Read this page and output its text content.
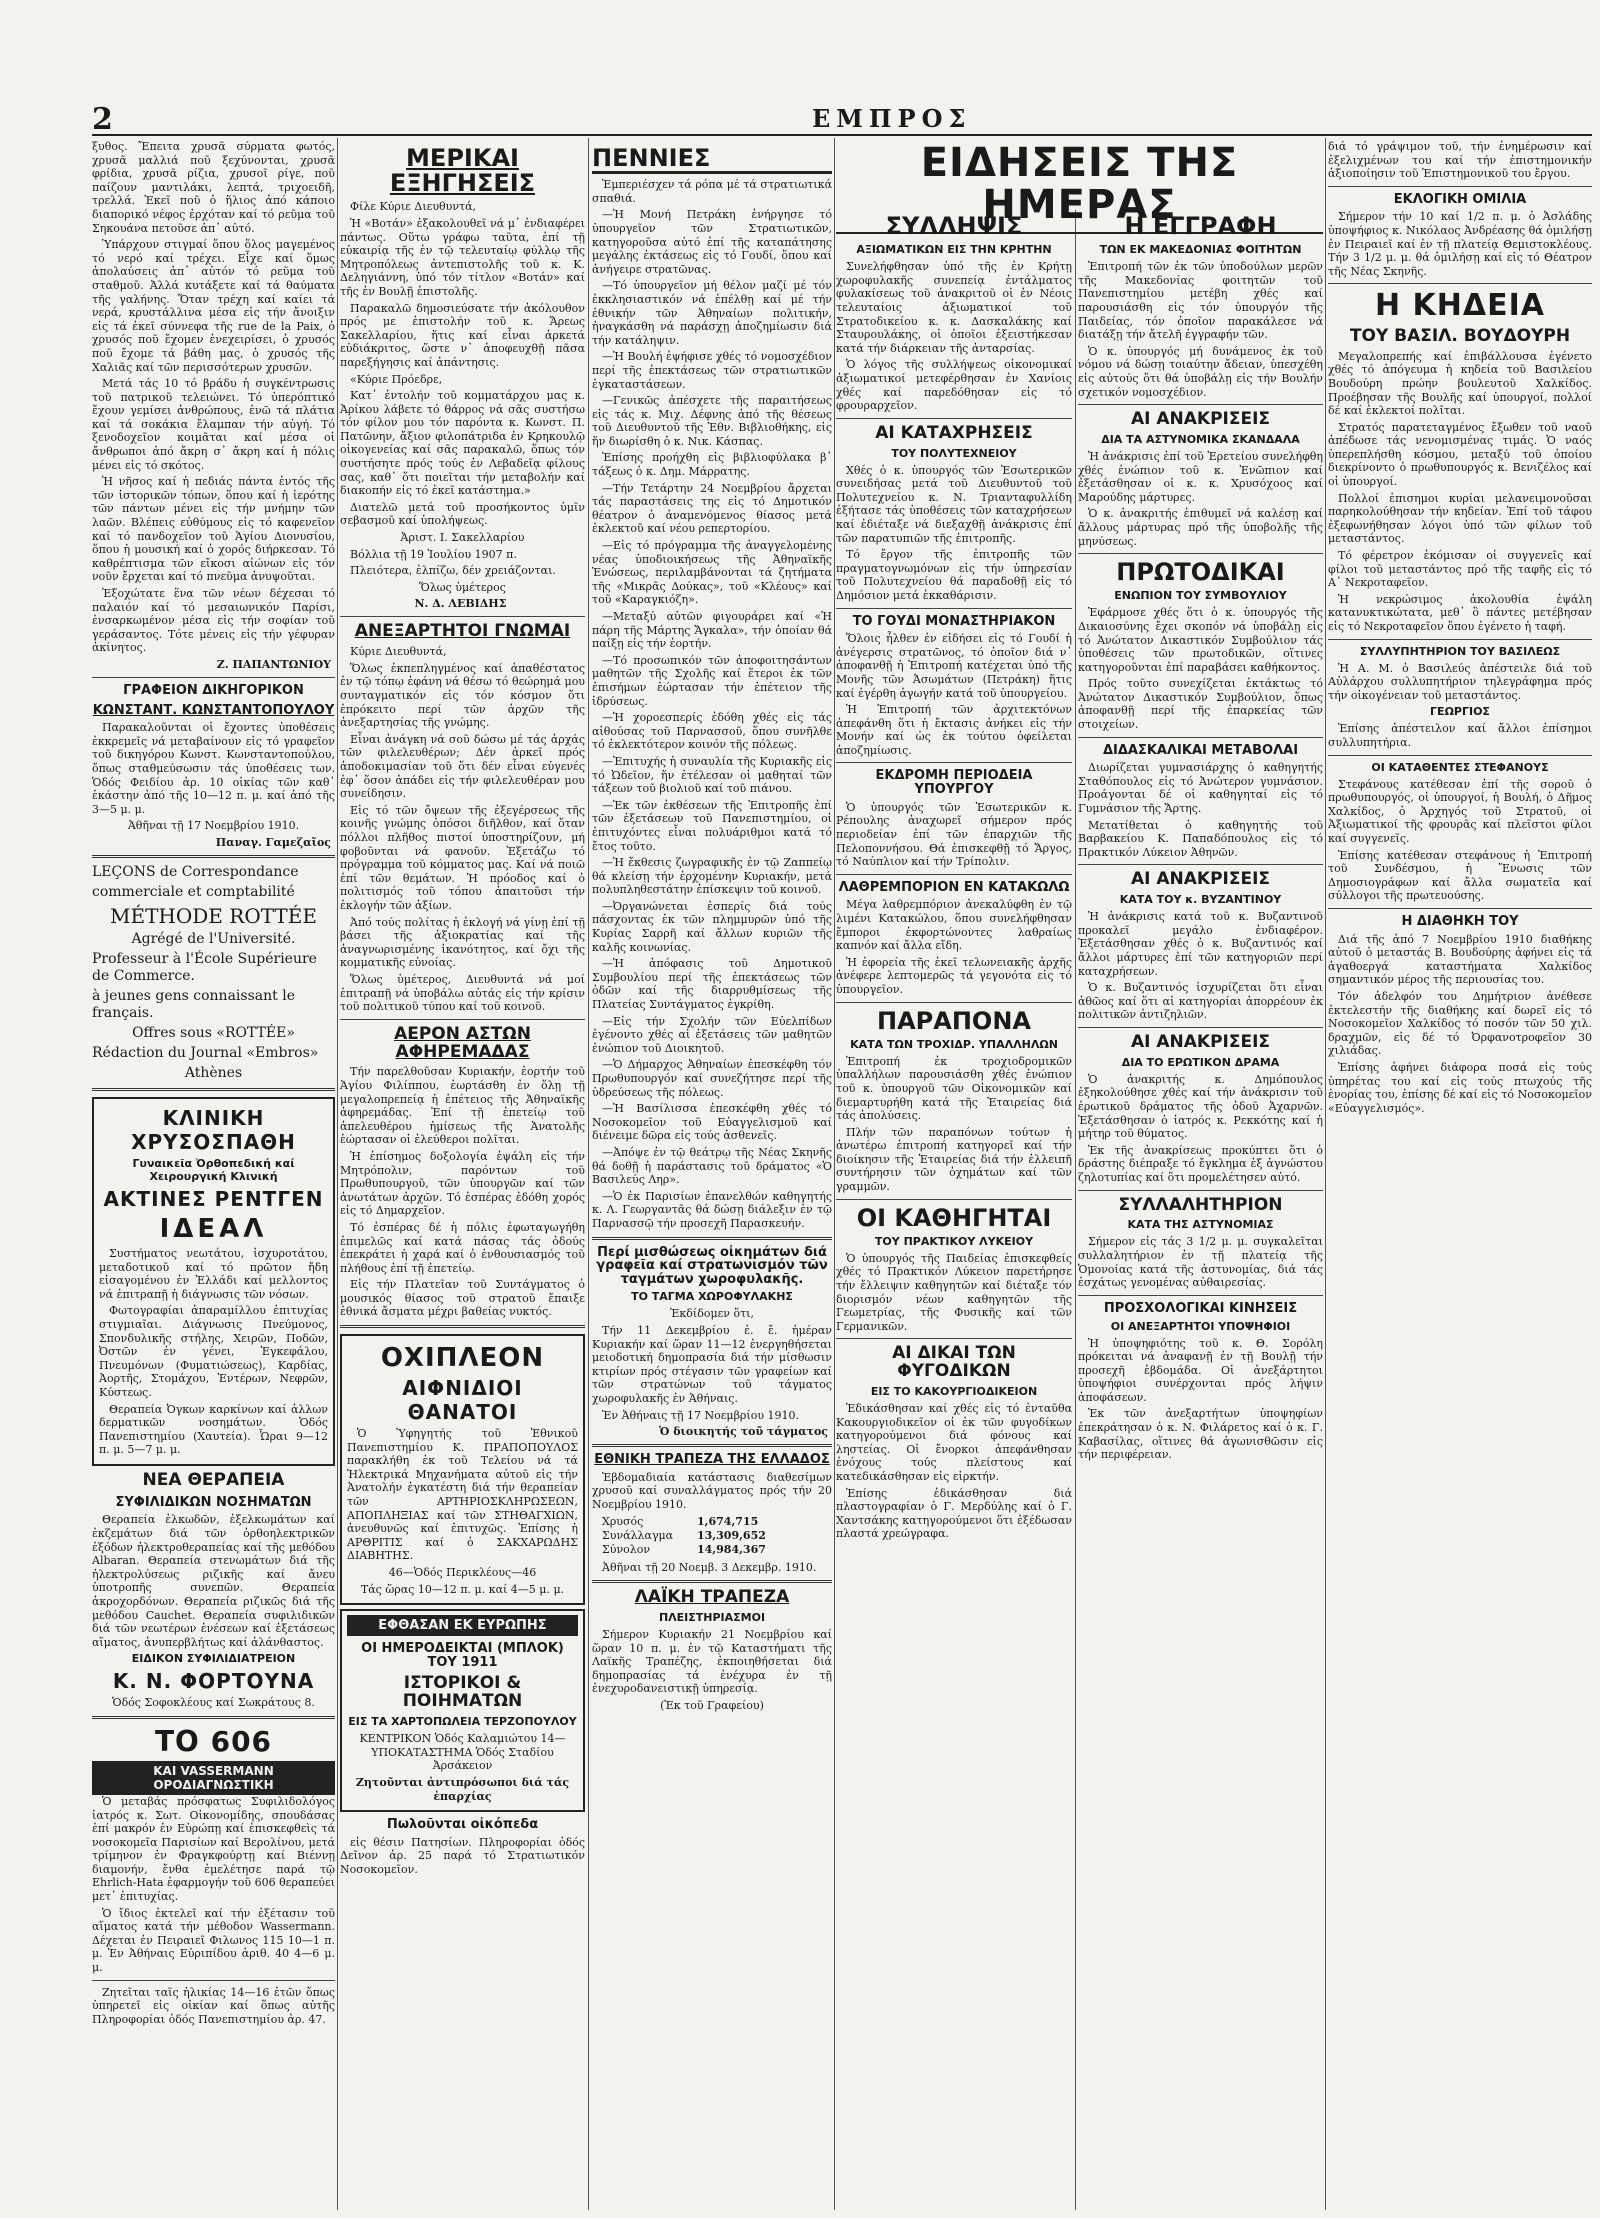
2	ΕΜΠΡΟΣ

ξυθος. Ἔπειτα χρυσᾶ σύρματα φωτός, χρυσᾶ μαλλιά ποῦ ξεχύνονται, χρυσᾶ φρίδια, χρυσᾶ ρίζια, χρυσοῖ ρίγε, ποῦ παίζουν μαντιλάκι, λεπτά, τριχοειδῆ, τρελλά. Ἐκεῖ ποῦ ὁ ἥλιος ἀπό κάποιο διαπορικό νέφος ἐρχόταν καί τό ρεῦμα τοῦ Σηκουάνα πετοῦσε ἀπ᾽ αὐτό.

Ὑπάρχουν στιγμαί ὅπου ὅλος μαγεμένος τό νερό καί τρέχει. Εἶχε καί ὅμως ἀπολαύσεις ἀπ᾽ αὐτόν τό ρεῦμα τοῦ σταθμοῦ. Ἀλλά κυτάξετε καί τά θαύματα τῆς γαλήνης. Ὅταν τρέχη καί καίει τά νερά, κρυστάλλινα μέσα εἰς τήν ἄνοιξιν εἰς τά ἐκεῖ σύννεφα τῆς rue de la Paix, ὁ χρυσός ποῦ ἔχομεν ἐνεχειρίσει, ὁ χρυσός ποῦ ἔχομε τά βάθη μας, ὁ χρυσός τῆς Χαλιᾶς καί τῶν περισσότερων χρυσῶν.

Μετά τάς 10 τό βράδυ ἡ συγκέντρωσις τοῦ πατρικοῦ τελειώνει. Τό ὑπερόπτικό ἔχουν γεμίσει ἀνθρώπους, ἐνῶ τά πλάτια καί τά σοκάκια ἔλαμπαν τήν αὐγή. Τό ξενοδοχεῖον κοιμᾶται καί μέσα οἱ ἄνθρωποι ἀπό ἄκρη σ᾽ ἄκρη καί ἡ πόλις μένει εἰς τό σκότος.

Ἡ νῆσος καί ἡ πεδιάς πάντα ἐντός τῆς τῶν ἱστορικῶν τόπων, ὅπου καί ἡ ἱερότης τῶν πάντων μένει εἰς τήν μνήμην τῶν λαῶν. Βλέπεις εὐθύμους εἰς τό καφενεῖον καί τό πανδοχεῖον τοῦ Ἁγίου Διονυσίου, ὅπου ἡ μουσική καί ὁ χορός διήρκεσαν. Τό καθρέπτισμα τῶν εἴκοσι αἰώνων εἰς τόν νοῦν ἔρχεται καί τό πνεῦμα ἀνυψοῦται.

Ἐξοχώτατε ἕνα τῶν νέων δέχεσαι τό παλαιόν καί τό μεσαιωνικόν Παρίσι, ἐνσαρκωμένον μέσα εἰς τήν σοφίαν τοῦ γεράσαντος. Τότε μένεις εἰς τήν γέφυραν ἀκίνητος.

Ζ. ΠΑΠΑΝΤΩΝΙΟΥ
ΓΡΑΦΕΙΟΝ ΔΙΚΗΓΟΡΙΚΟΝ
ΚΩΝΣΤΑΝΤ. ΚΩΝΣΤΑΝΤΟΠΟΥΛΟΥ

Παρακαλοῦνται οἱ ἔχοντες ὑποθέσεις ἐκκρεμεῖς νά μεταβαίνουν εἰς τό γραφεῖον τοῦ δικηγόρου Κωνστ. Κωνσταντοπούλου, ὅπως σταθμεύσωσιν τάς ὑποθέσεις των. Ὁδός Φειδίου ἀρ. 10 οἰκίας τῶν καθ᾽ ἑκάστην ἀπό τῆς 10—12 π. μ. καί ἀπό τῆς 3—5 μ. μ.

Ἀθῆναι τῇ 17 Νοεμβρίου 1910.

Παναγ. Γαμεζαῖος

LEÇONS de Correspondance

commerciale et comptabilité

MÉTHODE ROTTÉE

Agrégé de l'Université.

Professeur à l'École Supérieure de Commerce.

à jeunes gens connaissant le français.

Offres sous «ROTTÉE»

Rédaction du Journal «Embros»

Athènes

ΚΛΙΝΙΚΗ ΧΡΥΣΟΣΠΑΘΗ
Γυναικεῖα Ὀρθοπεδική καί Χειρουργική Κλινική
ΑΚΤΙΝΕΣ ΡΕΝΤΓΕΝ
ΙΔΕΑΛ

Συστήματος νεωτάτου, ἰσχυροτάτου, μεταδοτικοῦ καί τό πρῶτον ἤδη εἰσαγομένου ἐν Ἑλλάδι καί μελλοντος νά ἐπιτραπῇ ἡ διάγνωσις τῶν νόσων.

Φωτογραφίαι ἀπαραμίλλου ἐπιτυχίας στιγμιαῖαι. Διάγνωσις Πνεύμονος, Σπονδυλικῆς στήλης, Χειρῶν, Ποδῶν, Ὀστῶν ἐν γένει, Ἐγκεφάλου, Πνευμόνων (Φυματιώσεως), Καρδίας, Ἀορτῆς, Στομάχου, Ἐντέρων, Νεφρῶν, Κύστεως.

Θεραπεία Ὀγκων καρκίνων καί ἀλλων δερματικῶν νοσημάτων. Ὁδός Πανεπιστημίου (Χαυτεία). Ὧραι 9—12 π. μ. 5—7 μ. μ.

ΝΕΑ ΘΕΡΑΠΕΙΑ
ΣΥΦΙΛΙΔΙΚΩΝ ΝΟΣΗΜΑΤΩΝ

Θεραπεία ἐλκωδῶν, ἐξελκωμάτων καί ἐκζεμάτων διά τῶν ὀρθοηλεκτρικῶν ἐξόδων ἠλεκτροθεραπείας καί τῆς μεθόδου Albaran. Θεραπεία στενωμάτων διά τῆς ἠλεκτρολύσεως ριζικῆς καί ἄνευ ὑποτροπῆς συνεπῶν. Θεραπεία ἀκροχορδόνων. Θεραπεία ριζικῶς διά τῆς μεθόδου Cauchet. Θεραπεία συφιλιδικῶν διά τῶν νεωτέρων ἐνέσεων καί ἐξετάσεως αἵματος, ἀνυπερβλήτως καί ἀλάνθαστος.

ΕΙΔΙΚΟΝ ΣΥΦΙΛΙΔΙΑΤΡΕΙΟΝ
Κ. Ν. ΦΟΡΤΟΥΝΑ

Ὁδός Σοφοκλέους καί Σωκράτους 8.

ΤΟ 606
ΚΑΙ VASSERMANN ΟΡΟΔΙΑΓΝΩΣΤΙΚΗ

Ὁ μεταβάς πρόσφατως Συφιλιδολόγος ἰατρός κ. Σωτ. Οἰκονομίδης, σπουδάσας ἐπί μακρόν ἐν Εὐρώπῃ καί ἐπισκεφθεὶς τά νοσοκομεῖα Παρισίων καί Βερολίνου, μετά τρίμηνον ἐν Φραγκφούρτῃ καί Βιέννῃ διαμονήν, ἔνθα ἐμελέτησε παρά τῷ Ehrlich-Hata ἐφαρμογήν τοῦ 606 θεραπεύει μετ᾽ ἐπιτυχίας.

Ὁ ἴδιος ἐκτελεῖ καί τήν ἐξέτασιν τοῦ αἵματος κατά τήν μέθοδον Wassermann. Δέχεται ἐν Πειραιεῖ Φιλωνος 115 10—1 π. μ. Ἐν Ἀθήναις Εὐριπίδου ἀριθ. 40 4—6 μ. μ.

Ζητεῖται ταῖς ἡλικίας 14—16 ἐτῶν ὅπως ὑπηρετεῖ εἰς οἰκίαν καί ὅπως αὐτῆς Πληροφορίαι ὁδός Πανεπιστημίου ἀρ. 47.

ΜΕΡΙΚΑΙ ΕΞΗΓΗΣΕΙΣ

Φίλε Κύριε Διευθυντά,

Ἡ «Βοτάν» ἐξακολουθεῖ νά μ᾽ ἐνδιαφέρει πάντως. Οὕτω γράφω ταῦτα, ἐπί τῇ εὐκαιρίᾳ τῆς ἐν τῷ τελευταίῳ φύλλῳ τῆς Μητροπόλεως ἀντεπιστολῆς τοῦ κ. Κ. Δεληγιάννη, ὑπό τόν τίτλον «Βοτάν» καί τῆς ἐν Βουλῇ ἐπιστολῆς.

Παρακαλῶ δημοσιεύσατε τήν ἀκόλουθον πρός με ἐπιστολήν τοῦ κ. Ἄρεως Σακελλαρίου, ἥτις καί εἶναι ἀρκετά εὐδιάκριτος, ὥστε ν᾽ ἀποφευχθῇ πᾶσα παρεξήγησις καί ἀπάντησις.

«Κύριε Πρόεδρε,

Κατ᾽ ἐντολήν τοῦ κομματάρχου μας κ. Ἀρίκου λάβετε τό θάρρος νά σᾶς συστήσω τόν φίλον μου τόν παρόντα κ. Κωνστ. Π. Πατῶνην, ἄξιον φιλοπάτριδα ἐν Κρηκουλῷ οἰκογενείας καί σᾶς παρακαλῶ, ὅπως τόν συστήσητε πρός τούς ἐν Λεβαδεῖᾳ φίλους σας, καθ᾽ ὅτι ποιεῖται τήν μεταβολήν καί διακοπήν εἰς τό ἐκεῖ κατάστημα.»

Διατελῶ μετά τοῦ προσήκοντος ὑμῖν σεβασμοῦ καί ὑπολήψεως.

Ἀριστ. Ι. Σακελλαρίου

Βόλλια τῇ 19 Ἰουλίου 1907 π.

Πλειότερα, ἐλπίζω, δέν χρειάζονται.

Ὅλως ὑμέτερος

Ν. Δ. ΛΕΒΙΔΗΣ
ΑΝΕΞΑΡΤΗΤΟΙ ΓΝΩΜΑΙ

Κύριε Διευθυντά,

Ὅλως ἐκπεπληγμένος καί ἀπαθέστατος ἐν τῷ τόπῳ ἐφάνη νά θέσω τό θεώρημά μου συνταγματικόν εἰς τόν κόσμον ὅτι ἐπρόκειτο περί τῶν ἀρχῶν τῆς ἀνεξαρτησίας τῆς γνώμης.

Εἶναι ἀνάγκη νά σοῦ δώσω μέ τάς ἀρχάς τῶν φιλελευθέρων; Δέν ἀρκεῖ πρός ἀποδοκιμασίαν τοῦ ὅτι δέν εἶναι εὐγενές ἐφ᾽ ὅσον ἀπάδει εἰς τήν φιλελευθέραν μου συνείδησιν.

Εἰς τό τῶν ὄψεων τῆς ἐξεγέρσεως τῆς κοινῆς γνώμης ὁπόσοι διῆλθον, καί ὅταν πόλλοι πλῆθος πιστοί ὑποστηρίζουν, μή φοβοῦνται νά φανοῦν. Ἐξετάζω τό πρόγραμμα τοῦ κόμματος μας. Καί νά ποιῶ ἐπί τῶν θεμάτων. Ἡ πρόοδος καί ὁ πολιτισμός τοῦ τόπου ἀπαιτοῦσι τήν ἐκλογήν τῶν ἀξίων.

Ἀπό τούς πολίτας ἡ ἐκλογή νά γίνῃ ἐπί τῇ βάσει τῆς ἀξιοκρατίας καί τῆς ἀναγνωρισμένης ἱκανότητος, καί ὄχι τῆς κομματικῆς εὐνοίας.

Ὅλως ὑμέτερος, Διευθυντά νά μοί ἐπιτραπῇ νά ὑποβάλω αὐτάς εἰς τήν κρίσιν τοῦ πολιτικοῦ τύπου καί τοῦ κοινοῦ.

ΑΕΡΟΝ ΑΣΤΩΝ ΑΦΗΡΕΜΑΔΑΣ

Τήν παρελθοῦσαν Κυριακήν, ἑορτήν τοῦ Ἁγίου Φιλίππου, ἑωρτάσθη ἐν ὅλῃ τῇ μεγαλοπρεπείᾳ ἡ ἐπέτειος τῆς Ἀθηναϊκῆς ἀφηρεμάδας. Ἐπί τῇ ἐπετείῳ τοῦ ἀπελευθέρου ἡμίσεως τῆς Ἀνατολῆς ἑώρτασαν οἱ ἐλεύθεροι πολῖται.

Ἡ ἐπίσημος δοξολογία ἐψάλη εἰς τήν Μητρόπολιν, παρόντων τοῦ Πρωθυπουργοῦ, τῶν ὑπουργῶν καί τῶν ἀνωτάτων ἀρχῶν. Τό ἑσπέρας ἐδόθη χορός εἰς τό Δημαρχεῖον.

Τό ἐσπέρας δέ ἡ πόλις ἐφωταγωγήθη ἐπιμελῶς καί κατά πάσας τάς ὁδούς ἐπεκράτει ἡ χαρά καί ὁ ἐνθουσιασμός τοῦ πλήθους ἐπί τῇ ἐπετείῳ.

Εἰς τήν Πλατεῖαν τοῦ Συντάγματος ὁ μουσικός θίασος τοῦ στρατοῦ ἔπαιξε ἐθνικά ἄσματα μέχρι βαθείας νυκτός.

ΟΧΙΠΛΕΟΝ
ΑΙΦΝΙΔΙΟΙ ΘΑΝΑΤΟΙ

Ὁ Ὑφηγητής τοῦ Ἐθνικοῦ Πανεπιστημίου Κ. ΠΡΑΠΟΠΟΥΛΟΣ παρακλήθη ἐκ τοῦ Τελείου νά τά Ἠλεκτρικά Μηχανήματα αὐτοῦ εἰς τήν Ἀνατολήν ἐγκατέστη διά τήν θεραπείαν τῶν ΑΡΤΗΡΙΟΣΚΛΗΡΩΣΕΩΝ, ΑΠΟΠΛΗΞΙΑΣ καί τῶν ΣΤΗΘΑΓΧΙΩΝ, ἀνευθυνῶς καί ἐπιτυχῶς. Ἐπίσης ἡ ΑΡΘΡΙΤΙΣ καί ὁ ΣΑΚΧΑΡΩΔΗΣ ΔΙΑΒΗΤΗΣ.

46—Ὁδός Περικλέους—46

Τάς ὥρας 10—12 π. μ. καί 4—5 μ. μ.

ΕΦΘΑΣΑΝ ΕΚ ΕΥΡΩΠΗΣ
ΟΙ ΗΜΕΡΟΔΕΙΚΤΑΙ (ΜΠΛΟΚ) ΤΟΥ 1911
ΙΣΤΟΡΙΚΟΙ & ΠΟΙΗΜΑΤΩΝ
ΕΙΣ ΤΑ ΧΑΡΤΟΠΩΛΕΙΑ ΤΕΡΖΟΠΟΥΛΟΥ

ΚΕΝΤΡΙΚΟΝ Ὁδός Καλαμιώτου 14—ΥΠΟΚΑΤΑΣΤΗΜΑ Ὁδός Σταδίου Ἀρσάκειον

Ζητοῦνται ἀντιπρόσωποι διά τάς ἐπαρχίας

Πωλοῦνται οἰκόπεδα

εἰς θέσιν Πατησίων. Πληροφορίαι ὁδός Δεῖνον ἀρ. 25 παρά τό Στρατιωτικόν Νοσοκομεῖον.

ΠΕΝΝΙΕΣ

Ἐμπεριέσχεν τά ρόπα μέ τά στρατιωτικά σπαθιά.

—Ἡ Μονή Πετράκη ἐνήργησε τό ὑπουργεῖον τῶν Στρατιωτικῶν, κατηγοροῦσα αὐτό ἐπί τῆς καταπάτησης μεγάλης ἐκτάσεως εἰς τό Γουδί, ὅπου καί ἀνήγειρε στρατῶνας.

—Τό ὑπουργεῖον μή θέλον μαζί μέ τόν ἐκκλησιαστικόν νά ἐπέλθῃ καί μέ τήν ἐθνικήν τῶν Ἀθηναίων πολιτικήν, ἠναγκάσθη νά παράσχῃ ἀποζημίωσιν διά τήν κατάληψιν.

—Ἡ Βουλή ἐψήφισε χθές τό νομοσχέδιον περί τῆς ἐπεκτάσεως τῶν στρατιωτικῶν ἐγκαταστάσεων.

—Γενικῶς ἀπέσχετε τῆς παραιτήσεως εἰς τάς κ. Μιχ. Δέφνης ἀπό τῆς θέσεως τοῦ Διευθυντοῦ τῆς Ἐθν. Βιβλιοθήκης, εἰς ἥν διωρίσθη ὁ κ. Νικ. Κάσπας.

Ἐπίσης προήχθη εἰς βιβλιοφύλακα β᾽ τάξεως ὁ κ. Δημ. Μάρρατης.

—Τήν Τετάρτην 24 Νοεμβρίου ἄρχεται τάς παραστάσεις της εἰς τό Δημοτικόν θέατρον ὁ ἀναμενόμενος θίασος μετά ἐκλεκτοῦ καί νέου ρεπερτορίου.

—Εἰς τό πρόγραμμα τῆς ἀναγγελομένης νέας ὑποδιοικήσεως τῆς Ἀθηναϊκῆς Ἑνώσεως, περιλαμβάνονται τά ζητήματα τῆς «Μικρᾶς Δούκας», τοῦ «Κλέους» καί τοῦ «Καραγκιόζη».

—Μεταξύ αὐτῶν φιγουράρει καί «Ἡ πάρη τῆς Μάρτης Ἄγκαλα», τήν ὁποίαν θά παίξῃ εἰς τήν ἑορτήν.

—Τό προσωπικόν τῶν ἀποφοιτησάντων μαθητῶν τῆς Σχολῆς καί ἕτεροι ἐκ τῶν ἐπισήμων ἑώρτασαν τήν ἐπέτειον τῆς ἱδρύσεως.

—Ἡ χοροεσπερίς ἐδόθη χθές εἰς τάς αἰθούσας τοῦ Παρνασσοῦ, ὅπου συνῆλθε τό ἐκλεκτότερον κοινόν τῆς πόλεως.

—Ἐπιτυχής ἡ συναυλία τῆς Κυριακῆς εἰς τό Ὠδεῖον, ἥν ἐτέλεσαν οἱ μαθηταί τῶν τάξεων τοῦ βιολιοῦ καί τοῦ πιάνου.

—Ἐκ τῶν ἐκθέσεων τῆς Ἐπιτροπῆς ἐπί τῶν ἐξετάσεων τοῦ Πανεπιστημίου, οἱ ἐπιτυχόντες εἶναι πολυάριθμοι κατά τό ἔτος τοῦτο.

—Ἡ ἔκθεσις ζωγραφικῆς ἐν τῷ Ζαππείῳ θά κλείσῃ τήν ἐρχομένην Κυριακήν, μετά πολυπληθεστάτην ἐπίσκεψιν τοῦ κοινοῦ.

—Ὀργανώνεται ἐσπερίς διά τούς πάσχοντας ἐκ τῶν πλημμυρῶν ὑπό τῆς Κυρίας Σαρρῆ καί ἄλλων κυριῶν τῆς καλῆς κοινωνίας.

—Ἡ ἀπόφασις τοῦ Δημοτικοῦ Συμβουλίου περί τῆς ἐπεκτάσεως τῶν ὁδῶν καί τῆς διαρρυθμίσεως τῆς Πλατείας Συντάγματος ἐγκρίθη.

—Εἰς τήν Σχολήν τῶν Εὐελπίδων ἐγένοντο χθές αἱ ἐξετάσεις τῶν μαθητῶν ἐνώπιον τοῦ Διοικητοῦ.

—Ὁ Δήμαρχος Ἀθηναίων ἐπεσκέφθη τόν Πρωθυπουργόν καί συνεζήτησε περί τῆς ὑδρεύσεως τῆς πόλεως.

—Ἡ Βασίλισσα ἐπεσκέφθη χθές τό Νοσοκομεῖον τοῦ Εὐαγγελισμοῦ καί διένειμε δῶρα εἰς τούς ἀσθενεῖς.

—Ἀπόψε ἐν τῷ θεάτρῳ τῆς Νέας Σκηνῆς θά δοθῇ ἡ παράστασις τοῦ δράματος «Ὁ Βασιλεύς Ληρ».

—Ὁ ἐκ Παρισίων ἐπανελθών καθηγητής κ. Λ. Γεωργαντᾶς θά δώσῃ διάλεξιν ἐν τῷ Παρνασσῷ τήν προσεχῆ Παρασκευήν.

Περί μισθώσεως οἰκημάτων διά γραφεῖα καί στρατωνισμόν τῶν ταγμάτων χωροφυλακῆς.
ΤΟ ΤΑΓΜΑ ΧΩΡΟΦΥΛΑΚΗΣ

Ἐκδίδομεν ὅτι,

Τήν 11 Δεκεμβρίου ἐ. ἔ. ἡμέραν Κυριακήν καί ὥραν 11—12 ἐνεργηθήσεται μειοδοτική δημοπρασία διά τήν μίσθωσιν κτιρίων πρός στέγασιν τῶν γραφείων καί τῶν στρατώνων τοῦ τάγματος χωροφυλακῆς ἐν Ἀθήναις.

Ἐν Ἀθήναις τῇ 17 Νοεμβρίου 1910.

Ὁ διοικητής τοῦ τάγματος
ΕΘΝΙΚΗ ΤΡΑΠΕΖΑ ΤΗΣ ΕΛΛΑΔΟΣ

Ἐβδομαδιαία κατάστασις διαθεσίμων χρυσοῦ καί συναλλάγματος πρός τήν 20 Νοεμβρίου 1910.

Χρυσός	1,674,715
Συνάλλαγμα 13,309,652
Σύνολον	14,984,367

Ἀθῆναι τῇ 20 Νοεμβ. 3 Δεκεμβρ. 1910.

ΛΑΪΚΗ ΤΡΑΠΕΖΑ
ΠΛΕΙΣΤΗΡΙΑΣΜΟΙ

Σήμερον Κυριακήν 21 Νοεμβρίου καί ὥραν 10 π. μ. ἐν τῷ Καταστήματι τῆς Λαϊκῆς Τραπέζης, ἐκποιηθήσεται διά δημοπρασίας τά ἐνέχυρα ἐν τῇ ἐνεχυροδανειστικῇ ὑπηρεσίᾳ.

(Ἐκ τοῦ Γραφείου)

ΕΙΔΗΣΕΙΣ ΤΗΣ ΗΜΕΡΑΣ
ΣΥΛΛΗΨΙΣ
ΑΞΙΩΜΑΤΙΚΩΝ ΕΙΣ ΤΗΝ ΚΡΗΤΗΝ

Συνελήφθησαν ὑπό τῆς ἐν Κρήτῃ χωροφυλακῆς συνεπείᾳ ἐντάλματος φυλακίσεως τοῦ ἀνακριτοῦ οἱ ἐν Νέοις τελευταίοις ἀξιωματικοί τοῦ Στρατοδικείου κ. κ. Δασκαλάκης καί Σταυρουλάκης, οἱ ὁποῖοι ἐξειστήκεσαν κατά τήν διάρκειαν τῆς ἀνταρσίας.

Ὁ λόγος τῆς συλλήψεως οἰκονομικαί ἀξιωματικοί μετεφέρθησαν ἐν Χανίοις χθές καί παρεδόθησαν εἰς τό φρουραρχεῖον.

ΑΙ ΚΑΤΑΧΡΗΣΕΙΣ
ΤΟΥ ΠΟΛΥΤΕΧΝΕΙΟΥ

Χθές ὁ κ. ὑπουργός τῶν Ἐσωτερικῶν συνειδήσας μετά τοῦ Διευθυντοῦ τοῦ Πολυτεχνείου κ. Ν. Τριανταφυλλίδη ἐξήτασε τάς ὑποθέσεις τῶν καταχρήσεων καί ἐδιέταξε νά διεξαχθῇ ἀνάκρισις ἐπί τῶν παρατυπιῶν τῆς ἐπιτροπῆς.

Τό ἔργον τῆς ἐπιτροπῆς τῶν πραγματογνωμόνων εἰς τήν ὑπηρεσίαν τοῦ Πολυτεχνείου θά παραδοθῇ εἰς τό Δημόσιον μετά ἐκκαθάρισιν.

ΤΟ ΓΟΥΔΙ ΜΟΝΑΣΤΗΡΙΑΚΟΝ

Ὅλοις ἦλθεν ἐν εἰδήσει εἰς τό Γουδί ἡ ἀνέγερσις στρατῶνος, τό ὁποῖον διά ν᾽ ἀποφανθῇ ἡ Ἐπιτροπή κατέχεται ὑπό τῆς Μονῆς τῶν Ἀσωμάτων (Πετράκη) ἥτις καί ἐγέρθη ἀγωγήν κατά τοῦ ὑπουργείου.

Ἡ Ἐπιτροπή τῶν ἀρχιτεκτόνων ἀπεφάνθη ὅτι ἡ ἔκτασις ἀνήκει εἰς τήν Μονήν καί ὡς ἐκ τούτου ὁφείλεται ἀποζημίωσις.

ΕΚΔΡΟΜΗ ΠΕΡΙΟΔΕΙΑ ΥΠΟΥΡΓΟΥ

Ὁ ὑπουργός τῶν Ἐσωτερικῶν κ. Ρέπουλης ἀναχωρεῖ σήμερον πρός περιοδείαν ἐπί τῶν ἐπαρχιῶν τῆς Πελοποννήσου. Θά ἐπισκεφθῇ τό Ἄργος, τό Ναύπλιον καί τήν Τρίπολιν.

ΛΑΘΡΕΜΠΟΡΙΟΝ ΕΝ ΚΑΤΑΚΩΛΩ

Μέγα λαθρεμπόριον ἀνεκαλύφθη ἐν τῷ λιμένι Κατακώλου, ὅπου συνελήφθησαν ἔμποροι ἐκφορτώνοντες λαθραίως καπνόν καί ἄλλα εἴδη.

Ἡ ἐφορεία τῆς ἐκεῖ τελωνειακῆς ἀρχῆς ἀνέφερε λεπτομερῶς τά γεγονότα εἰς τό ὑπουργεῖον.

ΠΑΡΑΠΟΝΑ
ΚΑΤΑ ΤΩΝ ΤΡΟΧΙΔΡ. ΥΠΑΛΛΗΛΩΝ

Ἐπιτροπή ἐκ τροχιοδρομικῶν ὑπαλλήλων παρουσιάσθη χθές ἐνώπιον τοῦ κ. ὑπουργοῦ τῶν Οἰκονομικῶν καί διεμαρτυρήθη κατά τῆς Ἑταιρείας διά τάς ἀπολύσεις.

Πλήν τῶν παραπόνων τούτων ἡ ἀνωτέρω ἐπιτροπή κατηγορεῖ καί τήν διοίκησιν τῆς Ἑταιρείας διά τήν ἐλλειπῆ συντήρησιν τῶν ὀχημάτων καί τῶν γραμμῶν.

ΟΙ ΚΑΘΗΓΗΤΑΙ
ΤΟΥ ΠΡΑΚΤΙΚΟΥ ΛΥΚΕΙΟΥ

Ὁ ὑπουργός τῆς Παιδείας ἐπισκεφθείς χθές τό Πρακτικόν Λύκειον παρετήρησε τήν ἔλλειψιν καθηγητῶν καί διέταξε τόν διορισμόν νέων καθηγητῶν τῆς Γεωμετρίας, τῆς Φυσικῆς καί τῶν Γερμανικῶν.

ΑΙ ΔΙΚΑΙ ΤΩΝ ΦΥΓΟΔΙΚΩΝ
ΕΙΣ ΤΟ ΚΑΚΟΥΡΓΙΟΔΙΚΕΙΟΝ

Ἐδικάσθησαν καί χθές εἰς τό ἐνταῦθα Κακουργιοδικεῖον οἱ ἐκ τῶν φυγοδίκων κατηγορούμενοι διά φόνους καί ληστείας. Οἱ ἔνορκοι ἀπεφάνθησαν ἐνόχους τούς πλείστους καί κατεδικάσθησαν εἰς εἰρκτήν.

Ἐπίσης ἐδικάσθησαν διά πλαστογραφίαν ὁ Γ. Μερδύλης καί ὁ Γ. Χαντσάκης κατηγορούμενοι ὅτι ἐξέδωσαν πλαστά χρεώγραφα.

Η ΕΓΓΡΑΦΗ
ΤΩΝ ΕΚ ΜΑΚΕΔΟΝΙΑΣ ΦΟΙΤΗΤΩΝ

Ἐπιτροπή τῶν ἐκ τῶν ὑποδούλων μερῶν τῆς Μακεδονίας φοιτητῶν τοῦ Πανεπιστημίου μετέβη χθές καί παρουσιάσθη εἰς τόν ὑπουργόν τῆς Παιδείας, τόν ὁποῖον παρακάλεσε νά διατάξῃ τήν ἄτελῆ ἐγγραφήν τῶν.

Ὁ κ. ὑπουργός μή δυνάμενος ἐκ τοῦ νόμου νά δώσῃ τοιαύτην ἄδειαν, ὑπεσχέθη εἰς αὐτούς ὅτι θά ὑποβάλῃ εἰς τήν Βουλήν σχετικόν νομοσχέδιον.

ΑΙ ΑΝΑΚΡΙΣΕΙΣ
ΔΙΑ ΤΑ ΑΣΤΥΝΟΜΙΚΑ ΣΚΑΝΔΑΛΑ

Ἡ ἀνάκρισις ἐπί τοῦ Ἑρετείου συνελήφθη χθές ἐνώπιον τοῦ κ. Ἐνῶπιον καί ἐξετάσθησαν οἱ κ. κ. Χρυσόχοος καί Μαρούδης μάρτυρες.

Ὁ κ. ἀνακριτής ἐπιθυμεῖ νά καλέσῃ καί ἄλλους μάρτυρας πρό τῆς ὑποβολῆς τῆς μηνύσεως.

ΠΡΩΤΟΔΙΚΑΙ
ΕΝΩΠΙΟΝ ΤΟΥ ΣΥΜΒΟΥΛΙΟΥ

Ἐφάρμοσε χθές ὅτι ὁ κ. ὑπουργός τῆς Δικαιοσύνης ἔχει σκοπόν νά ὑποβάλῃ εἰς τό Ἀνώτατον Δικαστικόν Συμβούλιον τάς ὑποθέσεις τῶν πρωτοδικῶν, οἵτινες κατηγοροῦνται ἐπί παραβάσει καθήκοντος.

Πρός τοῦτο συνεχίζεται ἐκτάκτως τό Ἀνώτατον Δικαστικόν Συμβούλιον, ὅπως ἀποφανθῇ περί τῆς ἐπαρκείας τῶν στοιχείων.

ΔΙΔΑΣΚΑΛΙΚΑΙ ΜΕΤΑΒΟΛΑΙ

Διωρίζεται γυμνασιάρχης ὁ καθηγητής Σταθόπουλος εἰς τό Ἀνώτερον γυμνάσιον. Προάγονται δέ οἱ καθηγηταί εἰς τό Γυμνάσιον τῆς Ἄρτης.

Μετατίθεται ὁ καθηγητής τοῦ Βαρβακείου Κ. Παπαδόπουλος εἰς τό Πρακτικόν Λύκειον Ἀθηνῶν.

ΑΙ ΑΝΑΚΡΙΣΕΙΣ
ΚΑΤΑ ΤΟΥ κ. ΒΥΖΑΝΤΙΝΟΥ

Ἡ ἀνάκρισις κατά τοῦ κ. Βυζαντινοῦ προκαλεῖ μεγάλο ἐνδιαφέρον. Ἐξετάσθησαν χθές ὁ κ. Βυζαντινός καί ἄλλοι μάρτυρες ἐπί τῶν κατηγοριῶν περί καταχρήσεων.

Ὁ κ. Βυζαντινός ἰσχυρίζεται ὅτι εἶναι ἀθῶος καί ὅτι αἱ κατηγορίαι ἀπορρέουν ἐκ πολιτικῶν ἀντιζηλιῶν.

ΑΙ ΑΝΑΚΡΙΣΕΙΣ
ΔΙΑ ΤΟ ΕΡΩΤΙΚΟΝ ΔΡΑΜΑ

Ὁ ἀνακριτής κ. Δημόπουλος ἐξηκολούθησε χθές καί τήν ἀνάκρισιν τοῦ ἐρωτικοῦ δράματος τῆς ὁδοῦ Ἀχαρνῶν. Ἐξετάσθησαν ὁ ἰατρός κ. Ρεκκότης καί ἡ μήτηρ τοῦ θύματος.

Ἐκ τῆς ἀνακρίσεως προκύπτει ὅτι ὁ δράστης διέπραξε τό ἔγκλημα ἐξ ἀγνώστου ζηλοτυπίας καί ὅτι προμελέτησεν αὐτό.

ΣΥΛΛΑΛΗΤΗΡΙΟΝ
ΚΑΤΑ ΤΗΣ ΑΣΤΥΝΟΜΙΑΣ

Σήμερον εἰς τάς 3 1/2 μ. μ. συγκαλεῖται συλλαλητήριον ἐν τῇ πλατείᾳ τῆς Ὁμονοίας κατά τῆς ἀστυνομίας, διά τάς ἐσχάτως γενομένας αὐθαιρεσίας.

ΠΡΟΣΧΟΛΟΓΙΚΑΙ ΚΙΝΗΣΕΙΣ
ΟΙ ΑΝΕΞΑΡΤΗΤΟΙ ΥΠΟΨΗΦΙΟΙ

Ἡ ὑποψηφιότης τοῦ κ. Θ. Σορόλη πρόκειται νά ἀναφανῇ ἐν τῇ Βουλῇ τήν προσεχῆ ἑβδομάδα. Οἱ ἀνεξάρτητοι ὑποψήφιοι συνέρχονται πρός λήψιν ἀποφάσεων.

Ἐκ τῶν ἀνεξαρτήτων ὑποψηφίων ἐπεκράτησαν ὁ κ. Ν. Φιλάρετος καί ὁ κ. Γ. Καβασίλας, οἵτινες θά ἀγωνισθῶσιν εἰς τήν περιφέρειαν.

διά τό γράψιμον τοῦ, τήν ἐνημέρωσιν καί ἐξελιχμένων του καί τήν ἐπιστημονικήν ἀξιοποίησιν τοῦ Ἐπιστημονικοῦ του ἔργου.

ΕΚΛΟΓΙΚΗ ΟΜΙΛΙΑ

Σήμερον τήν 10 καί 1/2 π. μ. ὁ Ἀσλάδης ὑποψήφιος κ. Νικόλαος Ἀνδρέασης θά ὁμιλήσῃ ἐν Πειραιεῖ καί ἐν τῇ πλατείᾳ Θεμιστοκλέους. Τήν 3 1/2 μ. μ. θά ὁμιλήσῃ καί εἰς τό Θέατρον τῆς Νέας Σκηνῆς.

Η ΚΗΔΕΙΑ
ΤΟΥ ΒΑΣΙΛ. ΒΟΥΔΟΥΡΗ

Μεγαλοπρεπής καί ἐπιβάλλουσα ἐγένετο χθές τό ἀπόγευμα ἡ κηδεία τοῦ Βασιλείου Βουδούρη πρώην βουλευτοῦ Χαλκίδος. Προέβησαν τῆς Βουλῆς καί ὑπουργοί, πολλοί δέ καί ἐκλεκτοί πολῖται.

Στρατός παρατεταγμένος ἔξωθεν τοῦ ναοῦ ἀπέδωσε τάς νενομισμένας τιμάς. Ὁ ναός ὑπερεπλήσθη κόσμου, μεταξύ τοῦ ὁποίου διεκρίνοντο ὁ πρωθυπουργός κ. Βενιζέλος καί οἱ ὑπουργοί.

Πολλοί ἐπισημοι κυρίαι μελανειμονοῦσαι παρηκολούθησαν τήν κηδείαν. Ἐπί τοῦ τάφου ἐξεφωνήθησαν λόγοι ὑπό τῶν φίλων τοῦ μεταστάντος.

Τό φέρετρον ἐκόμισαν οἱ συγγενεῖς καί φίλοι τοῦ μεταστάντος πρό τῆς ταφῆς εἰς τό Α᾽ Νεκροταφεῖον.

Ἡ νεκρώσιμος ἀκολουθία ἐψάλη κατανυκτικώτατα, μεθ᾽ ὃ πάντες μετέβησαν εἰς τό Νεκροταφεῖον ὅπου ἐγένετο ἡ ταφή.

ΣΥΛΛΥΠΗΤΗΡΙΟΝ ΤΟΥ ΒΑΣΙΛΕΩΣ

Ἡ Α. Μ. ὁ Βασιλεύς ἀπέστειλε διά τοῦ Αὐλάρχου συλλυπητήριον τηλεγράφημα πρός τήν οἰκογένειαν τοῦ μεταστάντος.

ΓΕΩΡΓΙΟΣ

Ἐπίσης ἀπέστειλον καί ἄλλοι ἐπίσημοι συλλυπητήρια.

ΟΙ ΚΑΤΑΘΕΝΤΕΣ ΣΤΕΦΑΝΟΥΣ

Στεφάνους κατέθεσαν ἐπί τῆς σοροῦ ὁ πρωθυπουργός, οἱ ὑπουργοί, ἡ Βουλή, ὁ Δῆμος Χαλκίδος, ὁ Ἀρχηγός τοῦ Στρατοῦ, οἱ Ἀξιωματικοί τῆς φρουρᾶς καί πλεῖστοι φίλοι καί συγγενεῖς.

Ἐπίσης κατέθεσαν στεφάνους ἡ Ἐπιτροπή τοῦ Συνδέσμου, ἡ Ἕνωσις τῶν Δημοσιογράφων καί ἄλλα σωματεῖα καί σύλλογοι τῆς πρωτευούσης.

Η ΔΙΑΘΗΚΗ ΤΟΥ

Διά τῆς ἀπό 7 Νοεμβρίου 1910 διαθήκης αὐτοῦ ὁ μεταστάς Β. Βουδούρης ἀφήνει εἰς τά ἀγαθοεργά καταστήματα Χαλκίδος σημαντικόν μέρος τῆς περιουσίας του.

Τόν ἀδελφόν του Δημήτριον ἀνέθεσε ἐκτελεστήν τῆς διαθήκης καί δωρεῖ εἰς τό Νοσοκομεῖον Χαλκίδος τό ποσόν τῶν 50 χιλ. δραχμῶν, εἰς δέ τό Ὀρφανοτροφεῖον 30 χιλιάδας.

Ἐπίσης ἀφήνει διάφορα ποσά εἰς τούς ὑπηρέτας του καί εἰς τούς πτωχούς τῆς ἐνορίας του, ἐπίσης δέ καί εἰς τό Νοσοκομεῖον «Εὐαγγελισμός».
